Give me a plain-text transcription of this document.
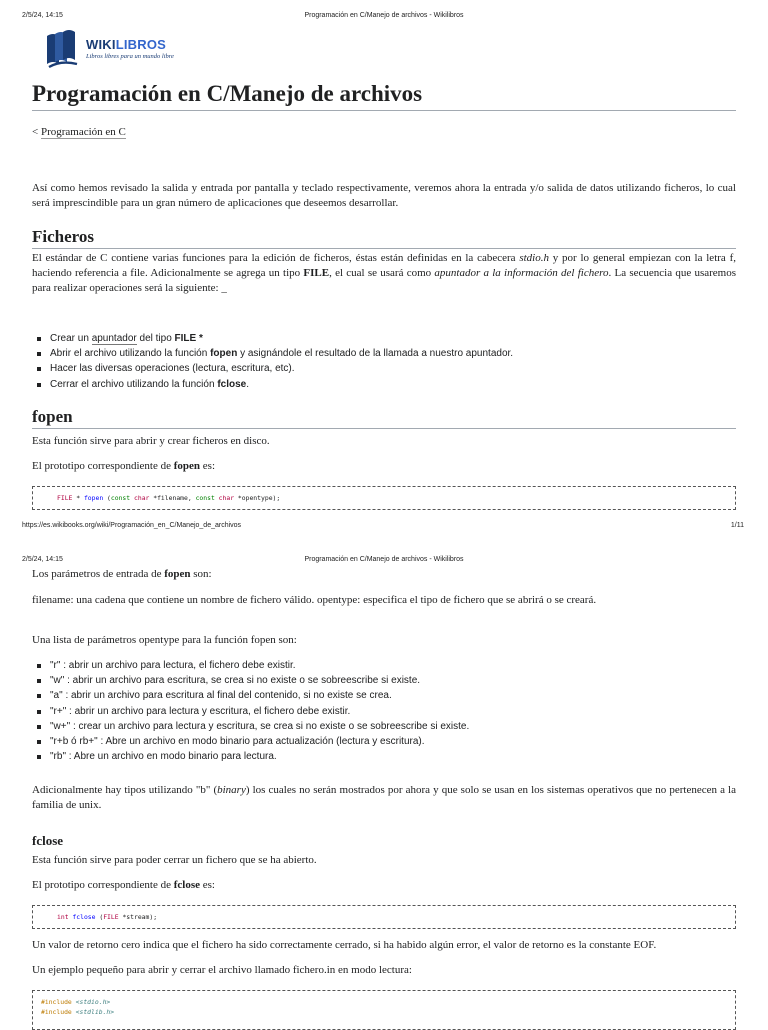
2/5/24, 14:15	Programación en C/Manejo de archivos - Wikilibros
WIKILIBROS
Libros libres para un mundo libre
Programación en C/Manejo de archivos
< Programación en C

Así como hemos revisado la salida y entrada por pantalla y teclado respectivamente, veremos ahora la entrada y/o salida de datos utilizando ficheros, lo cual será imprescindible para un gran número de aplicaciones que deseemos desarrollar.

Ficheros

El estándar de C contiene varias funciones para la edición de ficheros, éstas están definidas en la cabecera stdio.h y por lo general empiezan con la letra f, haciendo referencia a file. Adicionalmente se agrega un tipo FILE, el cual se usará como apuntador a la información del fichero. La secuencia que usaremos para realizar operaciones será la siguiente: _

Crear un apuntador del tipo FILE *
Abrir el archivo utilizando la función fopen y asignándole el resultado de la llamada a nuestro apuntador.
Hacer las diversas operaciones (lectura, escritura, etc).
Cerrar el archivo utilizando la función fclose.
fopen

Esta función sirve para abrir y crear ficheros en disco.

El prototipo correspondiente de fopen es:

FILE * fopen (const char *filename, const char *opentype);
https://es.wikibooks.org/wiki/Programación_en_C/Manejo_de_archivos	1/11
2/5/24, 14:15	Programación en C/Manejo de archivos - Wikilibros

Los parámetros de entrada de fopen son:

filename: una cadena que contiene un nombre de fichero válido. opentype: especifica el tipo de fichero que se abrirá o se creará.

Una lista de parámetros opentype para la función fopen son:

"r" : abrir un archivo para lectura, el fichero debe existir.
"w" : abrir un archivo para escritura, se crea si no existe o se sobreescribe si existe.
"a" : abrir un archivo para escritura al final del contenido, si no existe se crea.
"r+" : abrir un archivo para lectura y escritura, el fichero debe existir.
"w+" : crear un archivo para lectura y escritura, se crea si no existe o se sobreescribe si existe.
"r+b ó rb+" : Abre un archivo en modo binario para actualización (lectura y escritura).
"rb" : Abre un archivo en modo binario para lectura.

Adicionalmente hay tipos utilizando "b" (binary) los cuales no serán mostrados por ahora y que solo se usan en los sistemas operativos que no pertenecen a la familia de unix.

fclose

Esta función sirve para poder cerrar un fichero que se ha abierto.

El prototipo correspondiente de fclose es:

int fclose (FILE *stream);

Un valor de retorno cero indica que el fichero ha sido correctamente cerrado, si ha habido algún error, el valor de retorno es la constante EOF.

Un ejemplo pequeño para abrir y cerrar el archivo llamado fichero.in en modo lectura:

#include <stdio.h>
#include <stdlib.h>
